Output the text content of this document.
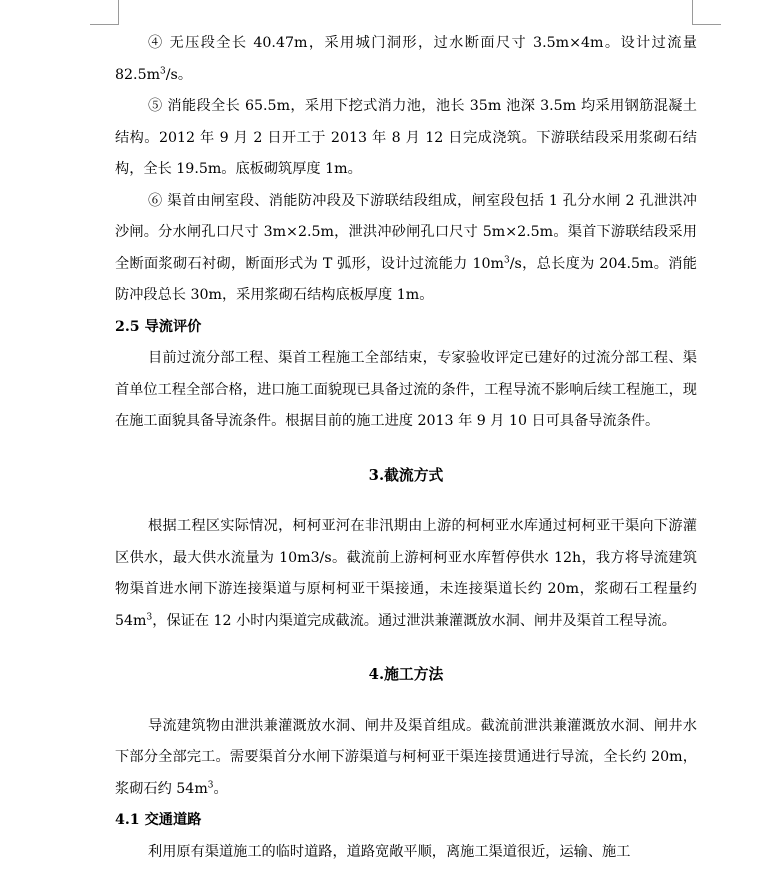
④ 无压段全长 40.47m，采用城门洞形，过水断面尺寸 3.5m×4m。设计过流量 $82.5m^3/s$。

⑤ 消能段全长 65.5m，采用下挖式消力池，池长 35m 池深 3.5m 均采用钢筋混凝土结构。2012 年 9 月 2 日开工于 2013 年 8 月 12 日完成浇筑。下游联结段采用浆砌石结构，全长 19.5m。底板砌筑厚度 1m。

⑥ 渠首由闸室段、消能防冲段及下游联结段组成，闸室段包括 1 孔分水闸 2 孔泄洪冲沙闸。分水闸孔口尺寸 3m×2.5m，泄洪冲砂闸孔口尺寸 5m×2.5m。渠首下游联结段采用全断面浆砌石衬砌，断面形式为 T 弧形，设计过流能力 $10m^3/s$，总长度为 204.5m。消能防冲段总长 30m，采用浆砌石结构底板厚度 1m。

2.5 导流评价

目前过流分部工程、渠首工程施工全部结束，专家验收评定已建好的过流分部工程、渠首单位工程全部合格，进口施工面貌现已具备过流的条件，工程导流不影响后续工程施工，现在施工面貌具备导流条件。根据目前的施工进度 2013 年 9 月 10 日可具备导流条件。

3.截流方式

根据工程区实际情况，柯柯亚河在非汛期由上游的柯柯亚水库通过柯柯亚干渠向下游灌区供水，最大供水流量为 10m3/s。截流前上游柯柯亚水库暂停供水 12h，我方将导流建筑物渠首进水闸下游连接渠道与原柯柯亚干渠接通，未连接渠道长约 20m，浆砌石工程量约 $54m^3$，保证在 12 小时内渠道完成截流。通过泄洪兼灌溉放水洞、闸井及渠首工程导流。

4.施工方法

导流建筑物由泄洪兼灌溉放水洞、闸井及渠首组成。截流前泄洪兼灌溉放水洞、闸井水下部分全部完工。需要渠首分水闸下游渠道与柯柯亚干渠连接贯通进行导流，全长约 20m，浆砌石约 $54m^3$。

4.1 交通道路

利用原有渠道施工的临时道路，道路宽敞平顺，离施工渠道很近，运输、施工
